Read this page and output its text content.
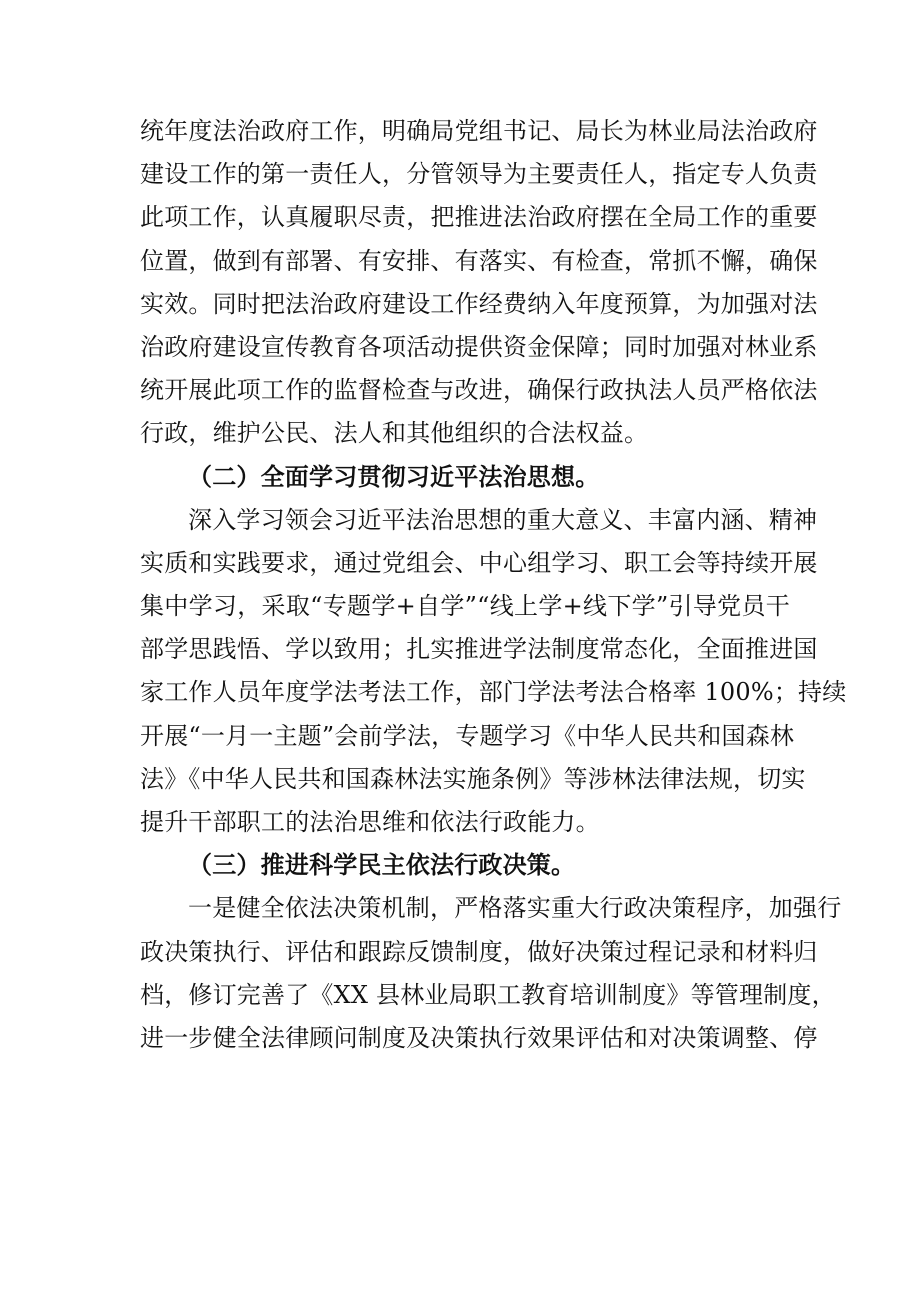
统年度法治政府工作，明确局党组书记、局长为林业局法治政府
建设工作的第一责任人，分管领导为主要责任人，指定专人负责
此项工作，认真履职尽责，把推进法治政府摆在全局工作的重要
位置，做到有部署、有安排、有落实、有检查，常抓不懈，确保
实效。同时把法治政府建设工作经费纳入年度预算，为加强对法
治政府建设宣传教育各项活动提供资金保障；同时加强对林业系
统开展此项工作的监督检查与改进，确保行政执法人员严格依法
行政，维护公民、法人和其他组织的合法权益。
（二）全面学习贯彻习近平法治思想。
深入学习领会习近平法治思想的重大意义、丰富内涵、精神
实质和实践要求，通过党组会、中心组学习、职工会等持续开展
集中学习，采取“专题学+自学”“线上学+线下学”引导党员干
部学思践悟、学以致用；扎实推进学法制度常态化，全面推进国
家工作人员年度学法考法工作，部门学法考法合格率 100%；持续
开展“一月一主题”会前学法，专题学习《中华人民共和国森林
法》《中华人民共和国森林法实施条例》等涉林法律法规，切实
提升干部职工的法治思维和依法行政能力。
（三）推进科学民主依法行政决策。
一是健全依法决策机制，严格落实重大行政决策程序，加强行
政决策执行、评估和跟踪反馈制度，做好决策过程记录和材料归
档，修订完善了《XX 县林业局职工教育培训制度》等管理制度，
进一步健全法律顾问制度及决策执行效果评估和对决策调整、停
